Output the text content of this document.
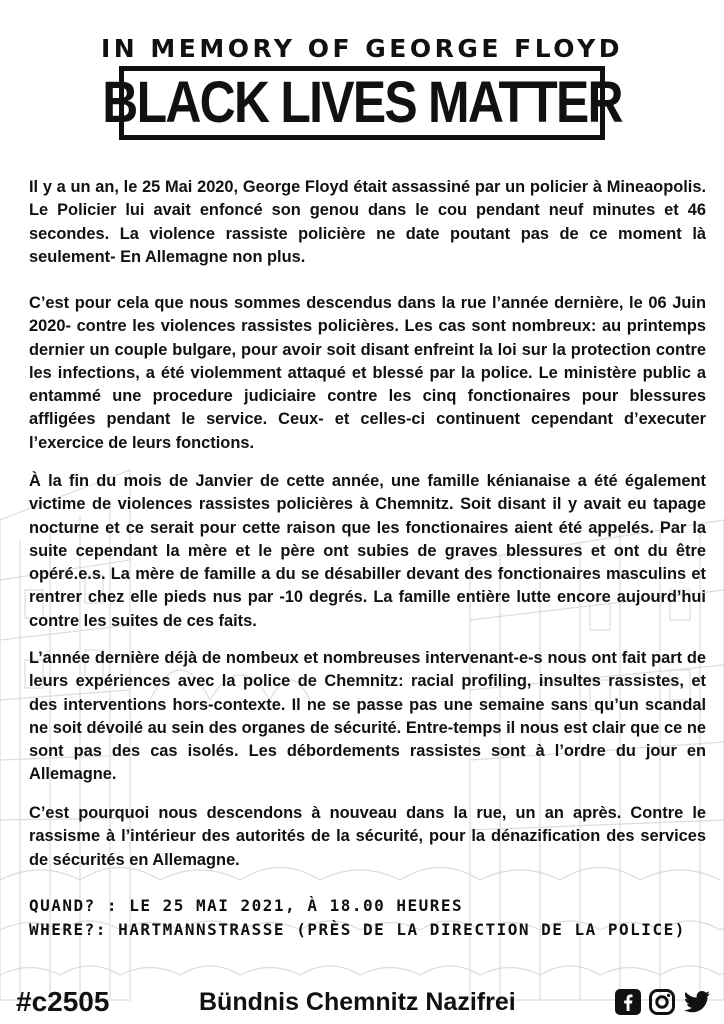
IN MEMORY OF GEORGE FLOYD
BLACK LIVES MATTER

Il y a un an, le 25 Mai 2020, George Floyd était assassiné par un policier à Mineaopolis. Le Policier lui avait enfoncé son genou dans le cou pendant neuf minutes et 46 secondes. La violence rassiste policière ne date poutant pas de ce moment là seulement- En Allemagne non plus.

C’est pour cela que nous sommes descendus dans la rue l’année dernière, le 06 Juin 2020- contre les violences rassistes policières. Les cas sont nombreux: au printemps dernier un couple bulgare, pour avoir soit disant enfreint la loi sur la protection contre les infections, a été violemment attaqué et blessé par la police. Le ministère public a entammé une procedure judiciaire contre les cinq fonctionaires pour blessures affligées pendant le service. Ceux- et celles-ci continuent cependant d’executer l’exercice de leurs fonctions.

À la fin du mois de Janvier de cette année, une famille kénianaise a été également victime de violences rassistes policières à Chemnitz. Soit disant il y avait eu tapage nocturne et ce serait pour cette raison que les fonctionaires aient été appelés. Par la suite cependant la mère et le père ont subies de graves blessures et ont du être opéré.e.s. La mère de famille a du se désabiller devant des fonctionaires masculins et rentrer chez elle pieds nus par -10 degrés. La famille entière lutte encore aujourd’hui contre les suites de ces faits.

L’année dernière déjà de nombeux et nombreuses intervenant-e-s nous ont fait part de leurs expériences avec la police de Chemnitz: racial profiling, insultes rassistes, et des interventions hors-contexte. Il ne se passe pas une semaine sans qu’un scandal ne soit dévoilé au sein des organes de sécurité. Entre-temps il nous est clair que ce ne sont pas des cas isolés. Les débordements rassistes sont à l’ordre du jour en Allemagne.

C’est pourquoi nous descendons à nouveau dans la rue, un an après. Contre le rassisme à l’intérieur des autorités de la sécurité, pour la dénazification des services de sécurités en Allemagne.

QUAND? : LE 25 MAI 2021, À 18.00 HEURES
WHERE?: HARTMANNSTRASSE (PRÈS DE LA DIRECTION DE LA POLICE)
#c2505	Bündnis Chemnitz Nazifrei
